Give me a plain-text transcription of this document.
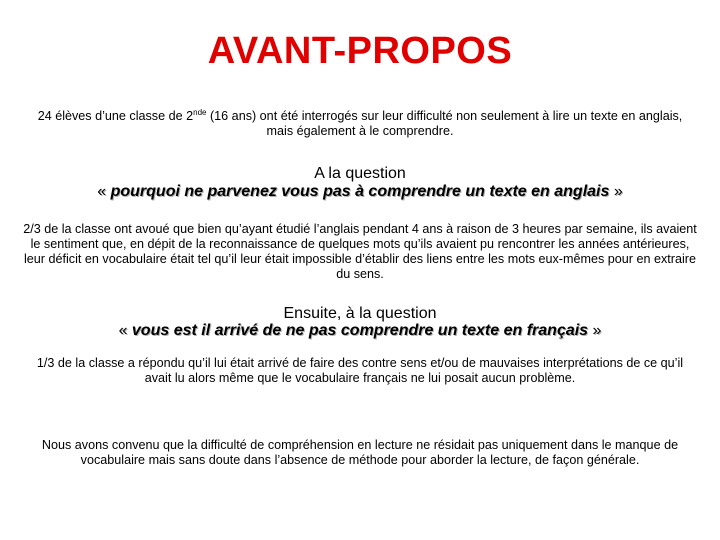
AVANT-PROPOS
24 élèves d’une classe de 2nde (16 ans) ont été interrogés sur leur difficulté non seulement à lire un texte en anglais, mais également à le comprendre.
A la question
« pourquoi ne parvenez vous pas à comprendre un texte en anglais »
2/3 de la classe ont avoué que bien qu’ayant étudié l’anglais pendant 4 ans à raison de 3 heures par semaine, ils avaient le sentiment que, en dépit de la reconnaissance de quelques mots qu’ils avaient pu rencontrer les années antérieures, leur déficit en vocabulaire était tel qu’il leur était impossible d’établir des liens entre les mots eux-mêmes pour en extraire du sens.
Ensuite, à la question
« vous est il arrivé de ne pas comprendre un texte en français »
1/3 de la classe a répondu qu’il lui était arrivé de faire des contre sens et/ou de mauvaises interprétations de ce qu’il avait lu alors même que le vocabulaire français ne lui posait aucun problème.
Nous avons convenu que la difficulté de compréhension en lecture ne résidait pas uniquement dans le manque de vocabulaire mais sans doute dans l’absence de méthode pour aborder la lecture, de façon générale.
